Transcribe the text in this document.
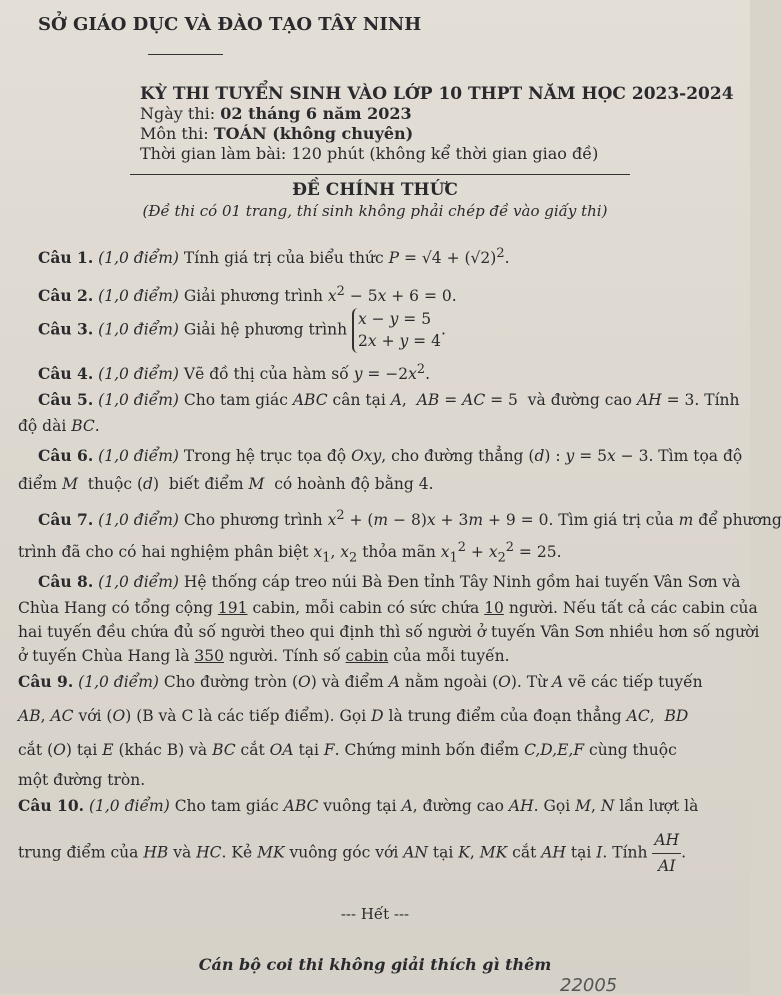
SỞ GIÁO DỤC VÀ ĐÀO TẠO TÂY NINH
KỲ THI TUYỂN SINH VÀO LỚP 10 THPT NĂM HỌC 2023-2024
Ngày thi: 02 tháng 6 năm 2023
Môn thi: TOÁN (không chuyên)
Thời gian làm bài: 120 phút (không kể thời gian giao đề)
ĐỀ CHÍNH THỨC
(Đề thi có 01 trang, thí sinh không phải chép đề vào giấy thi)
Câu 1. (1,0 điểm) Tính giá trị của biểu thức $P = √4 + (√2)^2$.
Câu 2. (1,0 điểm) Giải phương trình $x^2 - 5x + 6 = 0$.
Câu 3. (1,0 điểm) Giải hệ phương trình x − y = 5
2x + y = 4.
Câu 4. (1,0 điểm) Vẽ đồ thị của hàm số $y = -2x^2$.
Câu 5. (1,0 điểm) Cho tam giác ABC cân tại A,  AB = AC = 5  và đường cao AH = 3. Tính
độ dài BC.
Câu 6. (1,0 điểm) Trong hệ trục tọa độ Oxy, cho đường thẳng (d) : y = 5x − 3. Tìm tọa độ
điểm M thuộc (d)  biết điểm M có hoành độ bằng 4.
Câu 7. (1,0 điểm) Cho phương trình $x^2 + (m - 8)x + 3m + 9 = 0$. Tìm giá trị của m để phương
trình đã cho có hai nghiệm phân biệt $x_1$, $x_2$ thỏa mãn $x_1^2 + x_2^2 = 25$.
Câu 8. (1,0 điểm) Hệ thống cáp treo núi Bà Đen tỉnh Tây Ninh gồm hai tuyến Vân Sơn và
Chùa Hang có tổng cộng 191 cabin, mỗi cabin có sức chứa 10 người. Nếu tất cả các cabin của
hai tuyến đều chứa đủ số người theo qui định thì số người ở tuyến Vân Sơn nhiều hơn số người
ở tuyến Chùa Hang là 350 người. Tính số cabin của mỗi tuyến.
Câu 9. (1,0 điểm) Cho đường tròn (O) và điểm A nằm ngoài (O). Từ A vẽ các tiếp tuyến
AB, AC với (O) (B và C là các tiếp điểm). Gọi D là trung điểm của đoạn thẳng AC,  BD
cắt (O) tại E (khác B) và BC cắt OA tại F. Chứng minh bốn điểm C,D,E,F cùng thuộc
một đường tròn.
Câu 10. (1,0 điểm) Cho tam giác ABC vuông tại A, đường cao AH. Gọi M, N lần lượt là
trung điểm của HB và HC. Kẻ MK vuông góc với AN tại K, MK cắt AH tại I. Tính $\frac{AH}{AI}$ .
--- Hết ---
Cán bộ coi thi không giải thích gì thêm
22005
